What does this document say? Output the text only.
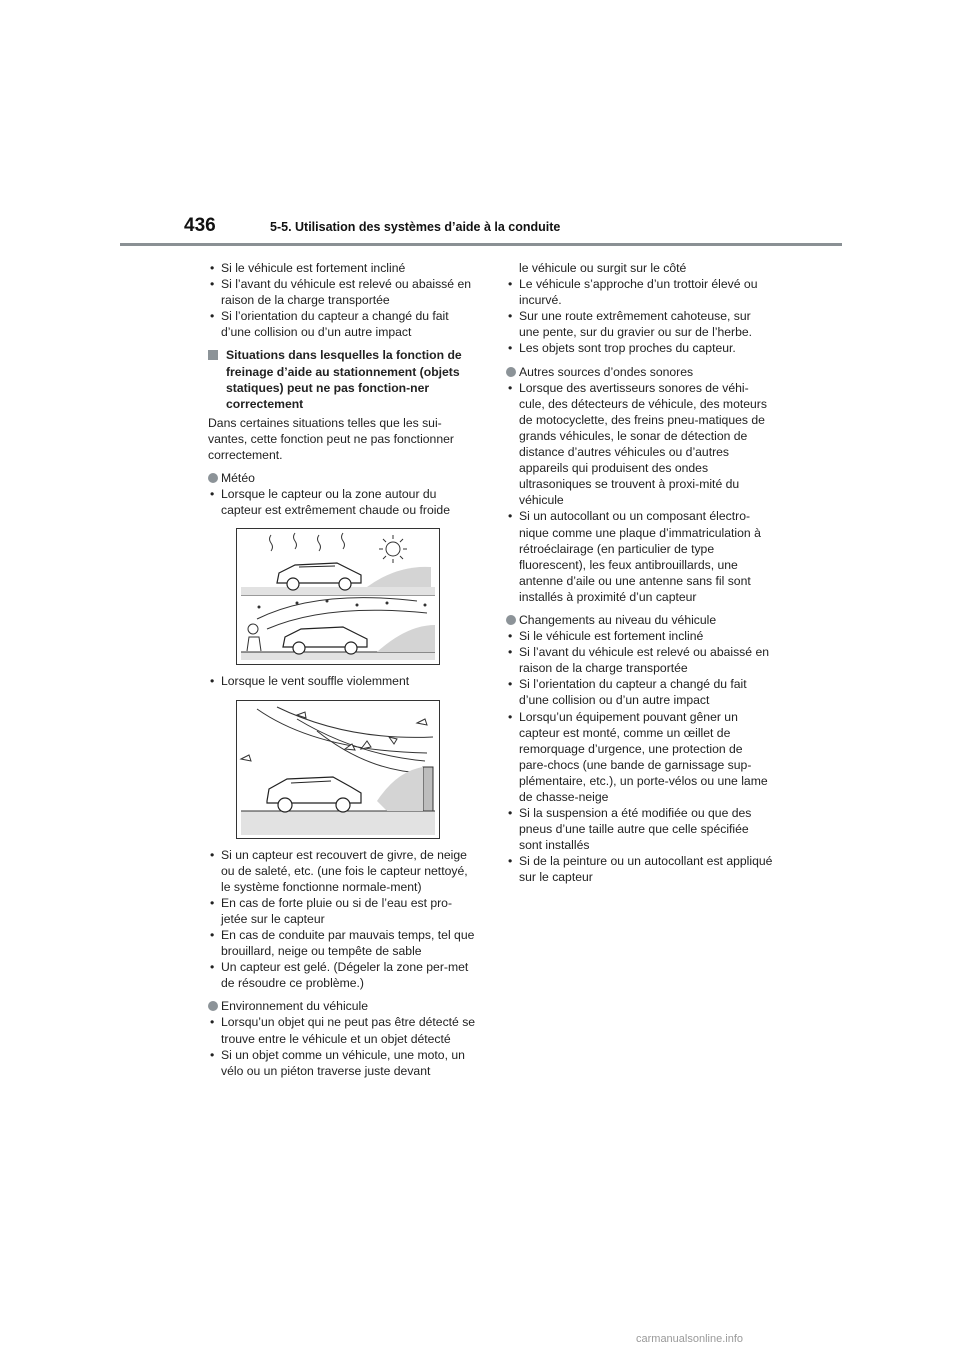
436	5-5. Utilisation des systèmes d’aide à la conduite
• Si le véhicule est fortement incliné
• Si l’avant du véhicule est relevé ou abaissé en raison de la charge transportée
• Si l’orientation du capteur a changé du fait d’une collision ou d’un autre impact
Situations dans lesquelles la fonction de freinage d’aide au stationnement (objets statiques) peut ne pas fonction-ner correctement
Dans certaines situations telles que les sui-vantes, cette fonction peut ne pas fonctionner correctement.
Météo
• Lorsque le capteur ou la zone autour du capteur est extrêmement chaude ou froide
• Lorsque le vent souffle violemment
• Si un capteur est recouvert de givre, de neige ou de saleté, etc. (une fois le capteur nettoyé, le système fonctionne normale-ment)
• En cas de forte pluie ou si de l’eau est pro-jetée sur le capteur
• En cas de conduite par mauvais temps, tel que brouillard, neige ou tempête de sable
• Un capteur est gelé. (Dégeler la zone per-met de résoudre ce problème.)
Environnement du véhicule
• Lorsqu’un objet qui ne peut pas être détecté se trouve entre le véhicule et un objet détecté
• Si un objet comme un véhicule, une moto, un vélo ou un piéton traverse juste devant
le véhicule ou surgit sur le côté
• Le véhicule s’approche d’un trottoir élevé ou incurvé.
• Sur une route extrêmement cahoteuse, sur une pente, sur du gravier ou sur de l’herbe.
• Les objets sont trop proches du capteur.
Autres sources d’ondes sonores
• Lorsque des avertisseurs sonores de véhi-cule, des détecteurs de véhicule, des moteurs de motocyclette, des freins pneu-matiques de grands véhicules, le sonar de détection de distance d’autres véhicules ou d’autres appareils qui produisent des ondes ultrasoniques se trouvent à proxi-mité du véhicule
• Si un autocollant ou un composant électro-nique comme une plaque d’immatriculation à rétroéclairage (en particulier de type fluorescent), les feux antibrouillards, une antenne d’aile ou une antenne sans fil sont installés à proximité d’un capteur
Changements au niveau du véhicule
• Si le véhicule est fortement incliné
• Si l’avant du véhicule est relevé ou abaissé en raison de la charge transportée
• Si l’orientation du capteur a changé du fait d’une collision ou d’un autre impact
• Lorsqu’un équipement pouvant gêner un capteur est monté, comme un œillet de remorquage d’urgence, une protection de pare-chocs (une bande de garnissage sup-plémentaire, etc.), un porte-vélos ou une lame de chasse-neige
• Si la suspension a été modifiée ou que des pneus d’une taille autre que celle spécifiée sont installés
• Si de la peinture ou un autocollant est appliqué sur le capteur
carmanualsonline.info
